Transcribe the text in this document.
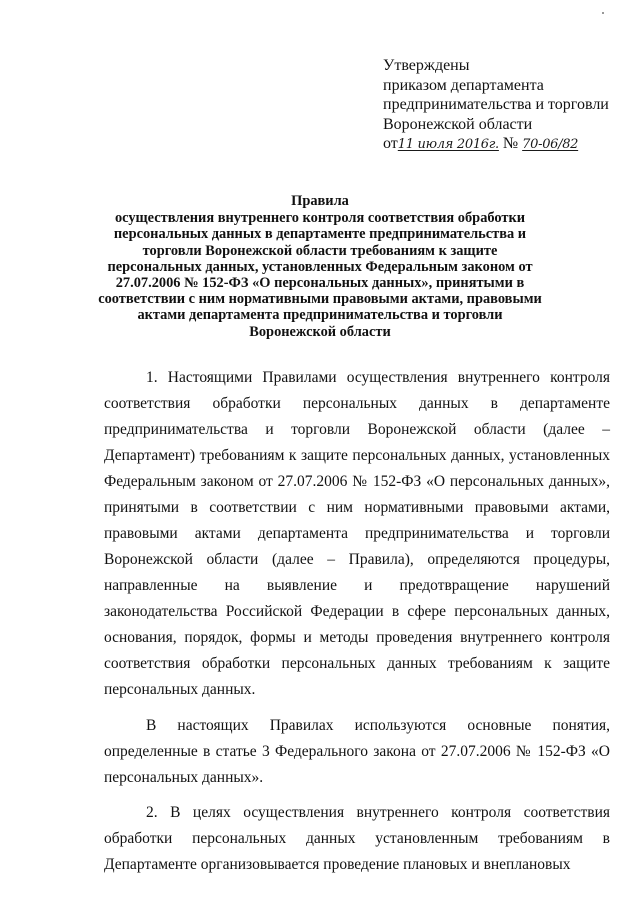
Утверждены
приказом департамента
предпринимательства и торговли
Воронежской области
от11 июля 2016г. № 70-06/82
Правила
осуществления внутреннего контроля соответствия обработки персональных данных в департаменте предпринимательства и торговли Воронежской области требованиям к защите персональных данных, установленных Федеральным законом от 27.07.2006 № 152-ФЗ «О персональных данных», принятыми в соответствии с ним нормативными правовыми актами, правовыми актами департамента предпринимательства и торговли Воронежской области

1. Настоящими Правилами осуществления внутреннего контроля соответствия обработки персональных данных в департаменте предпринимательства и торговли Воронежской области (далее – Департамент) требованиям к защите персональных данных, установленных Федеральным законом от 27.07.2006 № 152-ФЗ «О персональных данных», принятыми в соответствии с ним нормативными правовыми актами, правовыми актами департамента предпринимательства и торговли Воронежской области (далее – Правила), определяются процедуры, направленные на выявление и предотвращение нарушений законодательства Российской Федерации в сфере персональных данных, основания, порядок, формы и методы проведения внутреннего контроля соответствия обработки персональных данных требованиям к защите персональных данных.

В настоящих Правилах используются основные понятия, определенные в статье 3 Федерального закона от 27.07.2006 № 152-ФЗ «О персональных данных».

2. В целях осуществления внутреннего контроля соответствия обработки персональных данных установленным требованиям в Департаменте организовывается проведение плановых и внеплановых
